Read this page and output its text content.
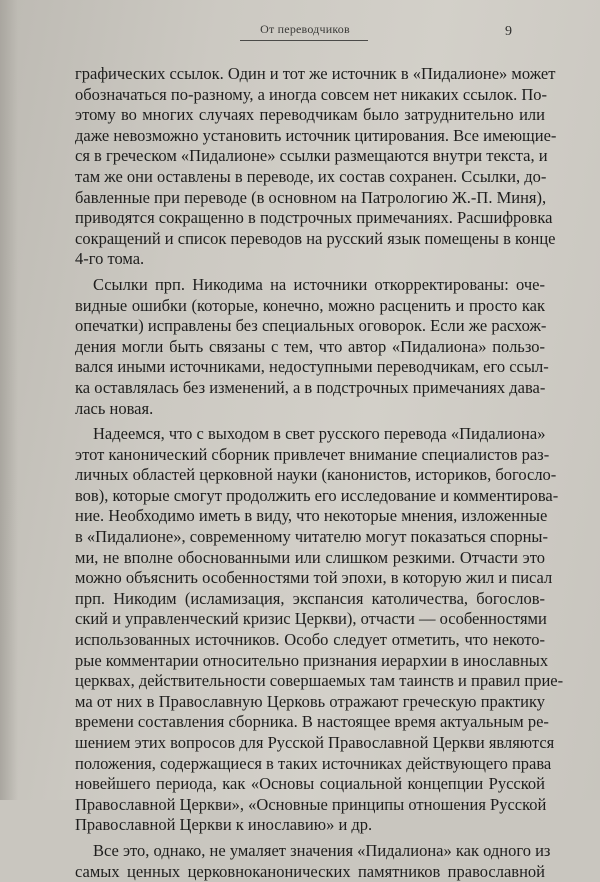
От переводчиков	9
графических ссылок. Один и тот же источник в «Пидалионе» может
обозначаться по-разному, а иногда совсем нет никаких ссылок. По-
этому во многих случаях переводчикам было затруднительно или
даже невозможно установить источник цитирования. Все имеющие-
ся в греческом «Пидалионе» ссылки размещаются внутри текста, и
там же они оставлены в переводе, их состав сохранен. Ссылки, до-
бавленные при переводе (в основном на Патрологию Ж.-П. Миня),
приводятся сокращенно в подстрочных примечаниях. Расшифровка
сокращений и список переводов на русский язык помещены в конце
4-го тома.
Ссылки прп. Никодима на источники откорректированы: оче-
видные ошибки (которые, конечно, можно расценить и просто как
опечатки) исправлены без специальных оговорок. Если же расхож-
дения могли быть связаны с тем, что автор «Пидалиона» пользо-
вался иными источниками, недоступными переводчикам, его ссыл-
ка оставлялась без изменений, а в подстрочных примечаниях дава-
лась новая.
Надеемся, что с выходом в свет русского перевода «Пидалиона»
этот канонический сборник привлечет внимание специалистов раз-
личных областей церковной науки (канонистов, историков, богосло-
вов), которые смогут продолжить его исследование и комментирова-
ние. Необходимо иметь в виду, что некоторые мнения, изложенные
в «Пидалионе», современному читателю могут показаться спорны-
ми, не вполне обоснованными или слишком резкими. Отчасти это
можно объяснить особенностями той эпохи, в которую жил и писал
прп. Никодим (исламизация, экспансия католичества, богослов-
ский и управленческий кризис Церкви), отчасти — особенностями
использованных источников. Особо следует отметить, что некото-
рые комментарии относительно признания иерархии в инославных
церквах, действительности совершаемых там таинств и правил прие-
ма от них в Православную Церковь отражают греческую практику
времени составления сборника. В настоящее время актуальным ре-
шением этих вопросов для Русской Православной Церкви являются
положения, содержащиеся в таких источниках действующего права
новейшего периода, как «Основы социальной концепции Русской
Православной Церкви», «Основные принципы отношения Русской
Православной Церкви к инославию» и др.
Все это, однако, не умаляет значения «Пидалиона» как одного из
самых ценных церковноканонических памятников православной
